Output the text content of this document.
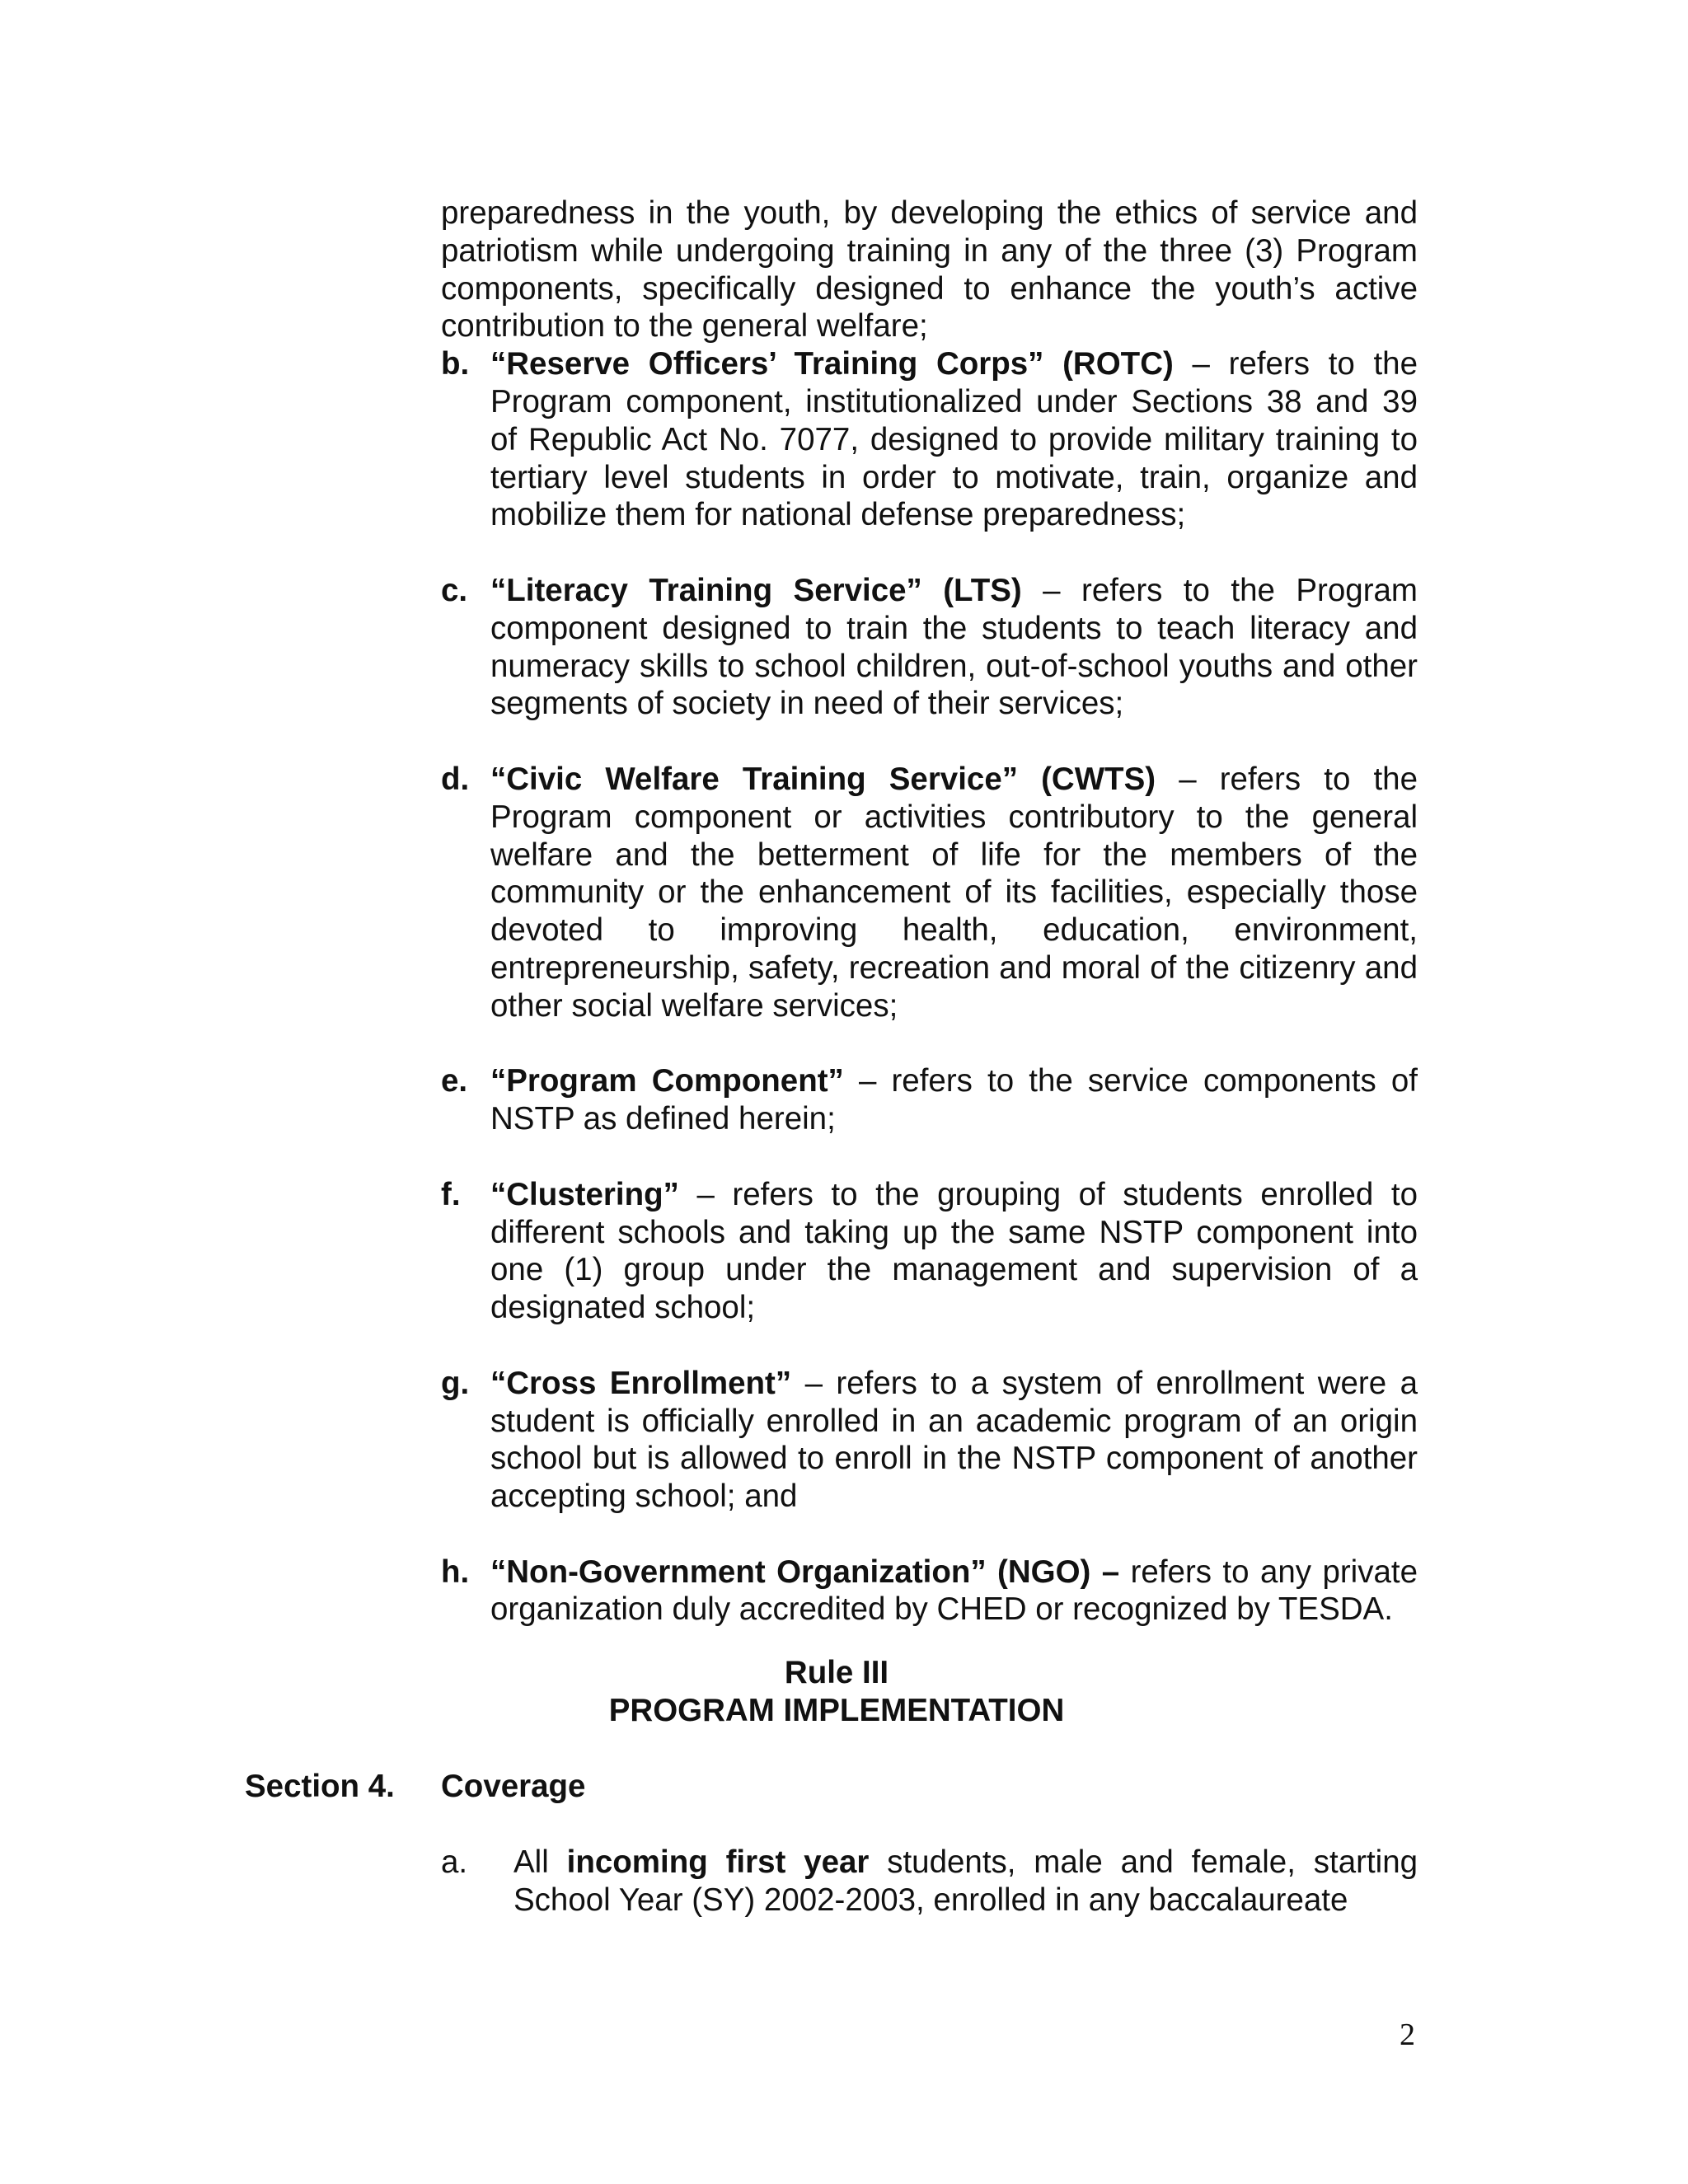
preparedness in the youth, by developing the ethics of service and patriotism while undergoing training in any of the three (3) Program components, specifically designed to enhance the youth’s active contribution to the general welfare;

b. “Reserve Officers’ Training Corps” (ROTC) – refers to the Program component, institutionalized under Sections 38 and 39 of Republic Act No. 7077, designed to provide military training to tertiary level students in order to motivate, train, organize and mobilize them for national defense preparedness;

c. “Literacy Training Service” (LTS) – refers to the Program component designed to train the students to teach literacy and numeracy skills to school children, out-of-school youths and other segments of society in need of their services;

d. “Civic Welfare Training Service” (CWTS) – refers to the Program component or activities contributory to the general welfare and the betterment of life for the members of the community or the enhancement of its facilities, especially those devoted to improving health, education, environment, entrepreneurship, safety, recreation and moral of the citizenry and other social welfare services;

e. “Program Component” – refers to the service components of NSTP as defined herein;

f. “Clustering” – refers to the grouping of students enrolled to different schools and taking up the same NSTP component into one (1) group under the management and supervision of a designated school;

g. “Cross Enrollment” – refers to a system of enrollment were a student is officially enrolled in an academic program of an origin school but is allowed to enroll in the NSTP component of another accepting school; and

h. “Non-Government Organization” (NGO) – refers to any private organization duly accredited by CHED or recognized by TESDA.

Rule III
PROGRAM IMPLEMENTATION
Section 4. Coverage

a. All incoming first year students, male and female, starting School Year (SY) 2002-2003, enrolled in any baccalaureate

2
